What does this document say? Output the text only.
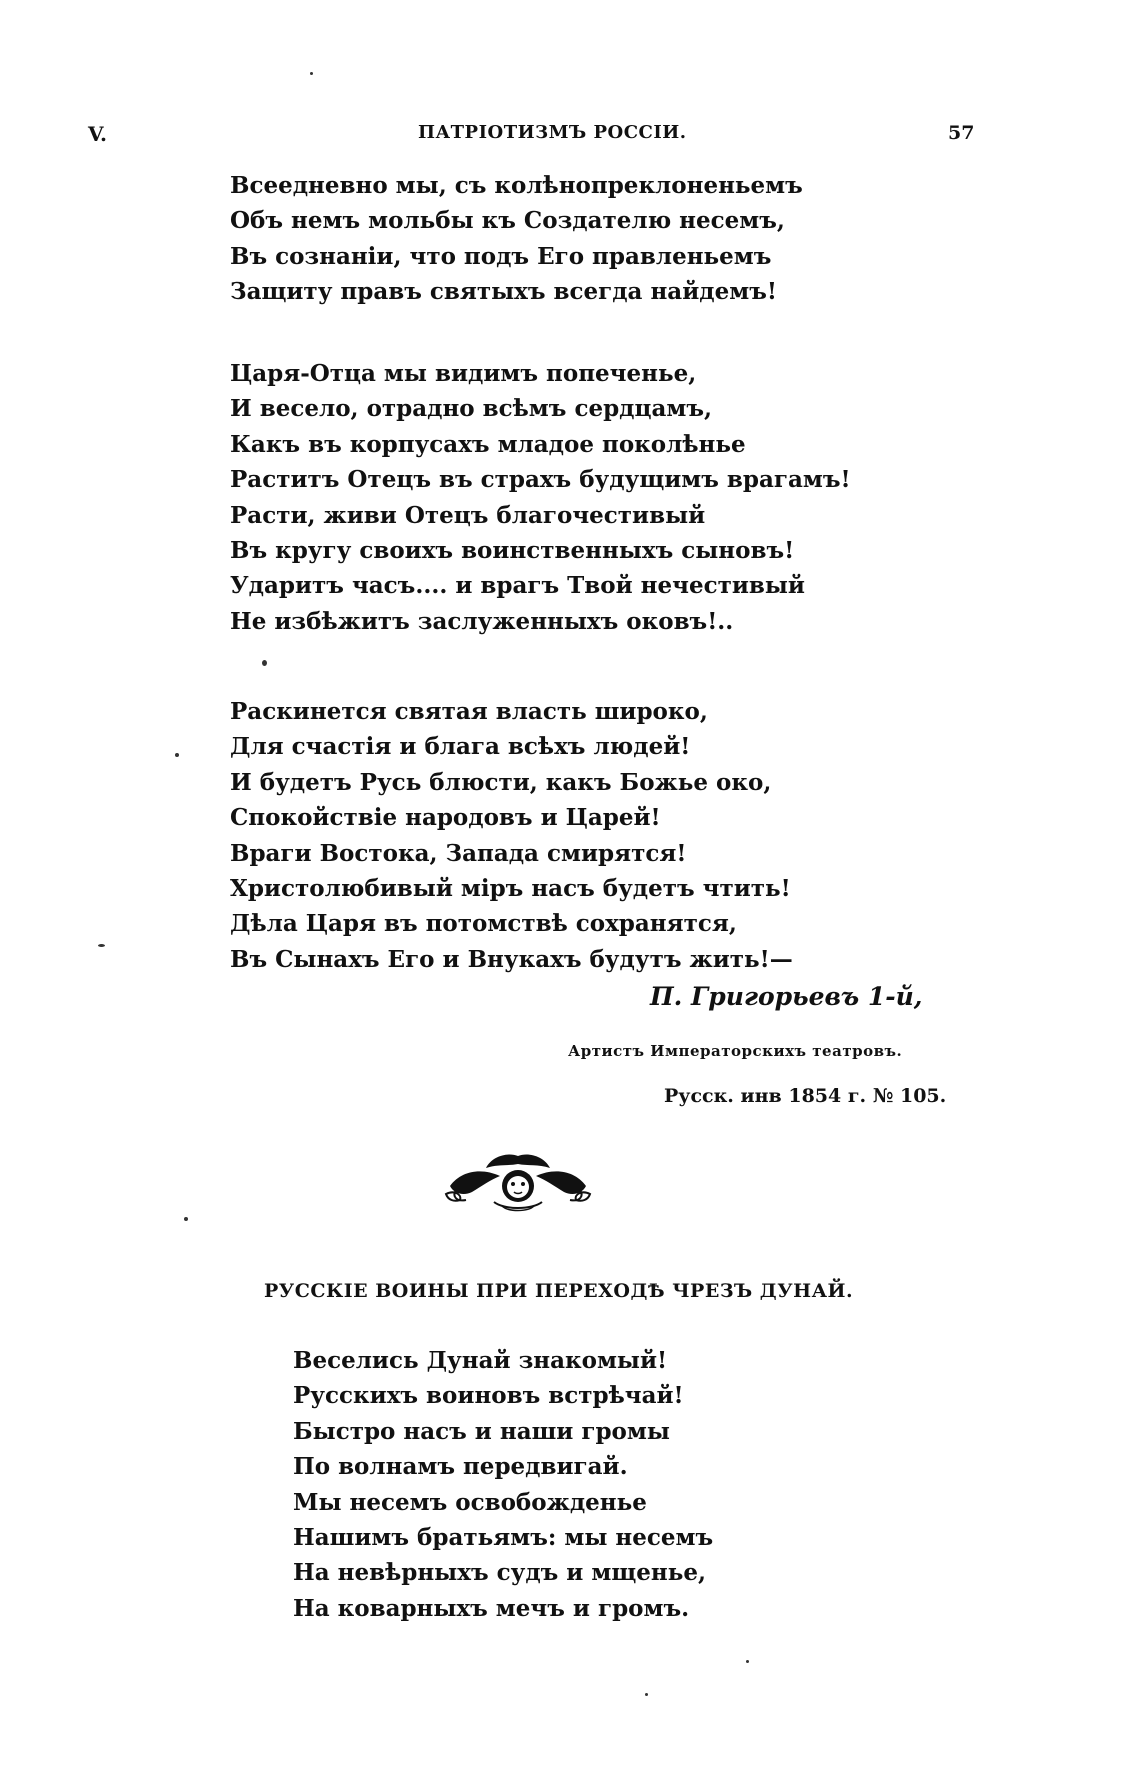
V.	ПАТРІОТИЗМЪ РОССІИ.	57
Всеедневно мы, съ колѣнопреклоненьемъ
Объ немъ мольбы къ Создателю несемъ,
Въ сознаніи, что подъ Его правленьемъ
Защиту правъ святыхъ всегда найдемъ!
Царя-Отца мы видимъ попеченье,
И весело, отрадно всѣмъ сердцамъ,
Какъ въ корпусахъ младое поколѣнье
Раститъ Отецъ въ страхъ будущимъ врагамъ!
Расти, живи Отецъ благочестивый
Въ кругу своихъ воинственныхъ сыновъ!
Ударитъ часъ.... и врагъ Твой нечестивый
Не избѣжитъ заслуженныхъ оковъ!..
Раскинется святая власть широко,
Для счастія и блага всѣхъ людей!
И будетъ Русь блюсти, какъ Божье око,
Спокойствіе народовъ и Царей!
Враги Востока, Запада смирятся!
Христолюбивый міръ насъ будетъ чтить!
Дѣла Царя въ потомствѣ сохранятся,
Въ Сынахъ Его и Внукахъ будутъ жить!—
П. Григорьевъ 1-й,
Артистъ Императорскихъ театровъ.
Русск. инв 1854 г. № 105.
РУССКІЕ ВОИНЫ ПРИ ПЕРЕХОДѢ ЧРЕЗЪ ДУНАЙ.
Веселись Дунай знакомый!
Русскихъ воиновъ встрѣчай!
Быстро насъ и наши громы
По волнамъ передвигай.
Мы несемъ освобожденье
Нашимъ братьямъ: мы несемъ
На невѣрныхъ судъ и мщенье,
На коварныхъ мечъ и громъ.
